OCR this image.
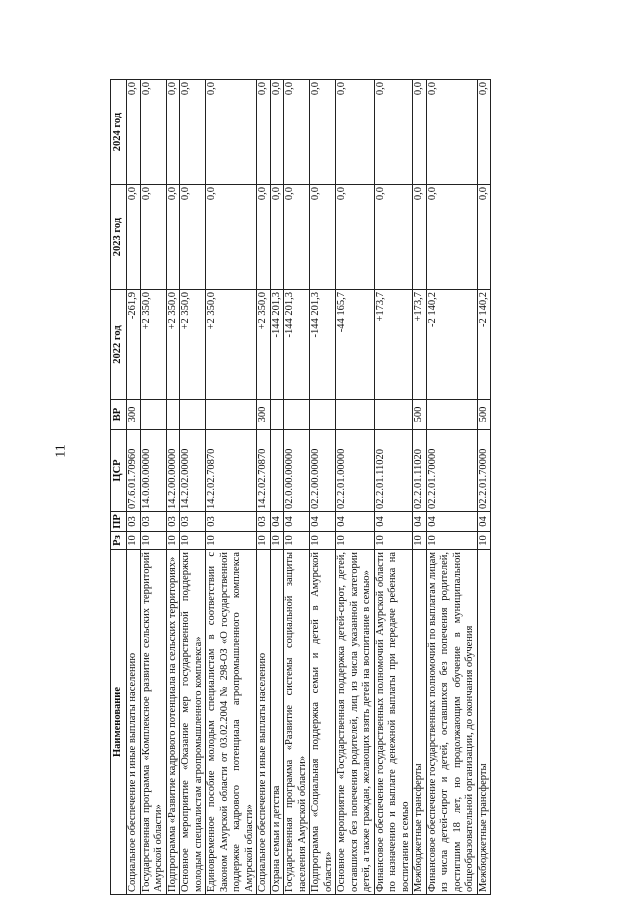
11
Наименование	Рз	ПР	ЦСР	ВР	2022 год	2023 год	2024 год
Социальное обеспечение и иные выплаты населению	10	03	07.6.01.70960	300	-261,9	0,0	0,0
Государственная программа «Комплексное развитие сельских территорий Амурской области»	10	03	14.0.00.00000		+2 350,0	0,0	0,0
Подпрограмма «Развитие кадрового потенциала на сельских территориях»	10	03	14.2.00.00000		+2 350,0	0,0	0,0
Основное мероприятие «Оказание мер государственной поддержки молодым специалистам агропромышленного комплекса»	10	03	14.2.02.00000		+2 350,0	0,0	0,0
Единовременное пособие молодым специалистам в соответствии с Законом Амурской области от 03.02.2004 № 298-ОЗ «О государственной поддержке кадрового потенциала агропромышленного комплекса Амурской области»	10	03	14.2.02.70870		+2 350,0	0,0	0,0
Социальное обеспечение и иные выплаты населению	10	03	14.2.02.70870	300	+2 350,0	0,0	0,0
Охрана семьи и детства	10	04			-144 201,3	0,0	0,0
Государственная программа «Развитие системы социальной защиты населения Амурской области»	10	04	02.0.00.00000		-144 201,3	0,0	0,0
Подпрограмма «Социальная поддержка семьи и детей в Амурской области»	10	04	02.2.00.00000		-144 201,3	0,0	0,0
Основное мероприятие «Государственная поддержка детей-сирот, детей, оставшихся без попечения родителей, лиц из числа указанной категории детей, а также граждан, желающих взять детей на воспитание в семью»	10	04	02.2.01.00000		-44 165,7	0,0	0,0
Финансовое обеспечение государственных полномочий Амурской области по назначению и выплате денежной выплаты при передаче ребенка на воспитание в семью	10	04	02.2.01.11020		+173,7	0,0	0,0
Межбюджетные трансферты	10	04	02.2.01.11020	500	+173,7	0,0	0,0
Финансовое обеспечение государственных полномочий по выплатам лицам из числа детей-сирот и детей, оставшихся без попечения родителей, достигшим 18 лет, но продолжающим обучение в муниципальной общеобразовательной организации, до окончания обучения	10	04	02.2.01.70000		-2 140,2	0,0	0,0
Межбюджетные трансферты	10	04	02.2.01.70000	500	-2 140,2	0,0	0,0
